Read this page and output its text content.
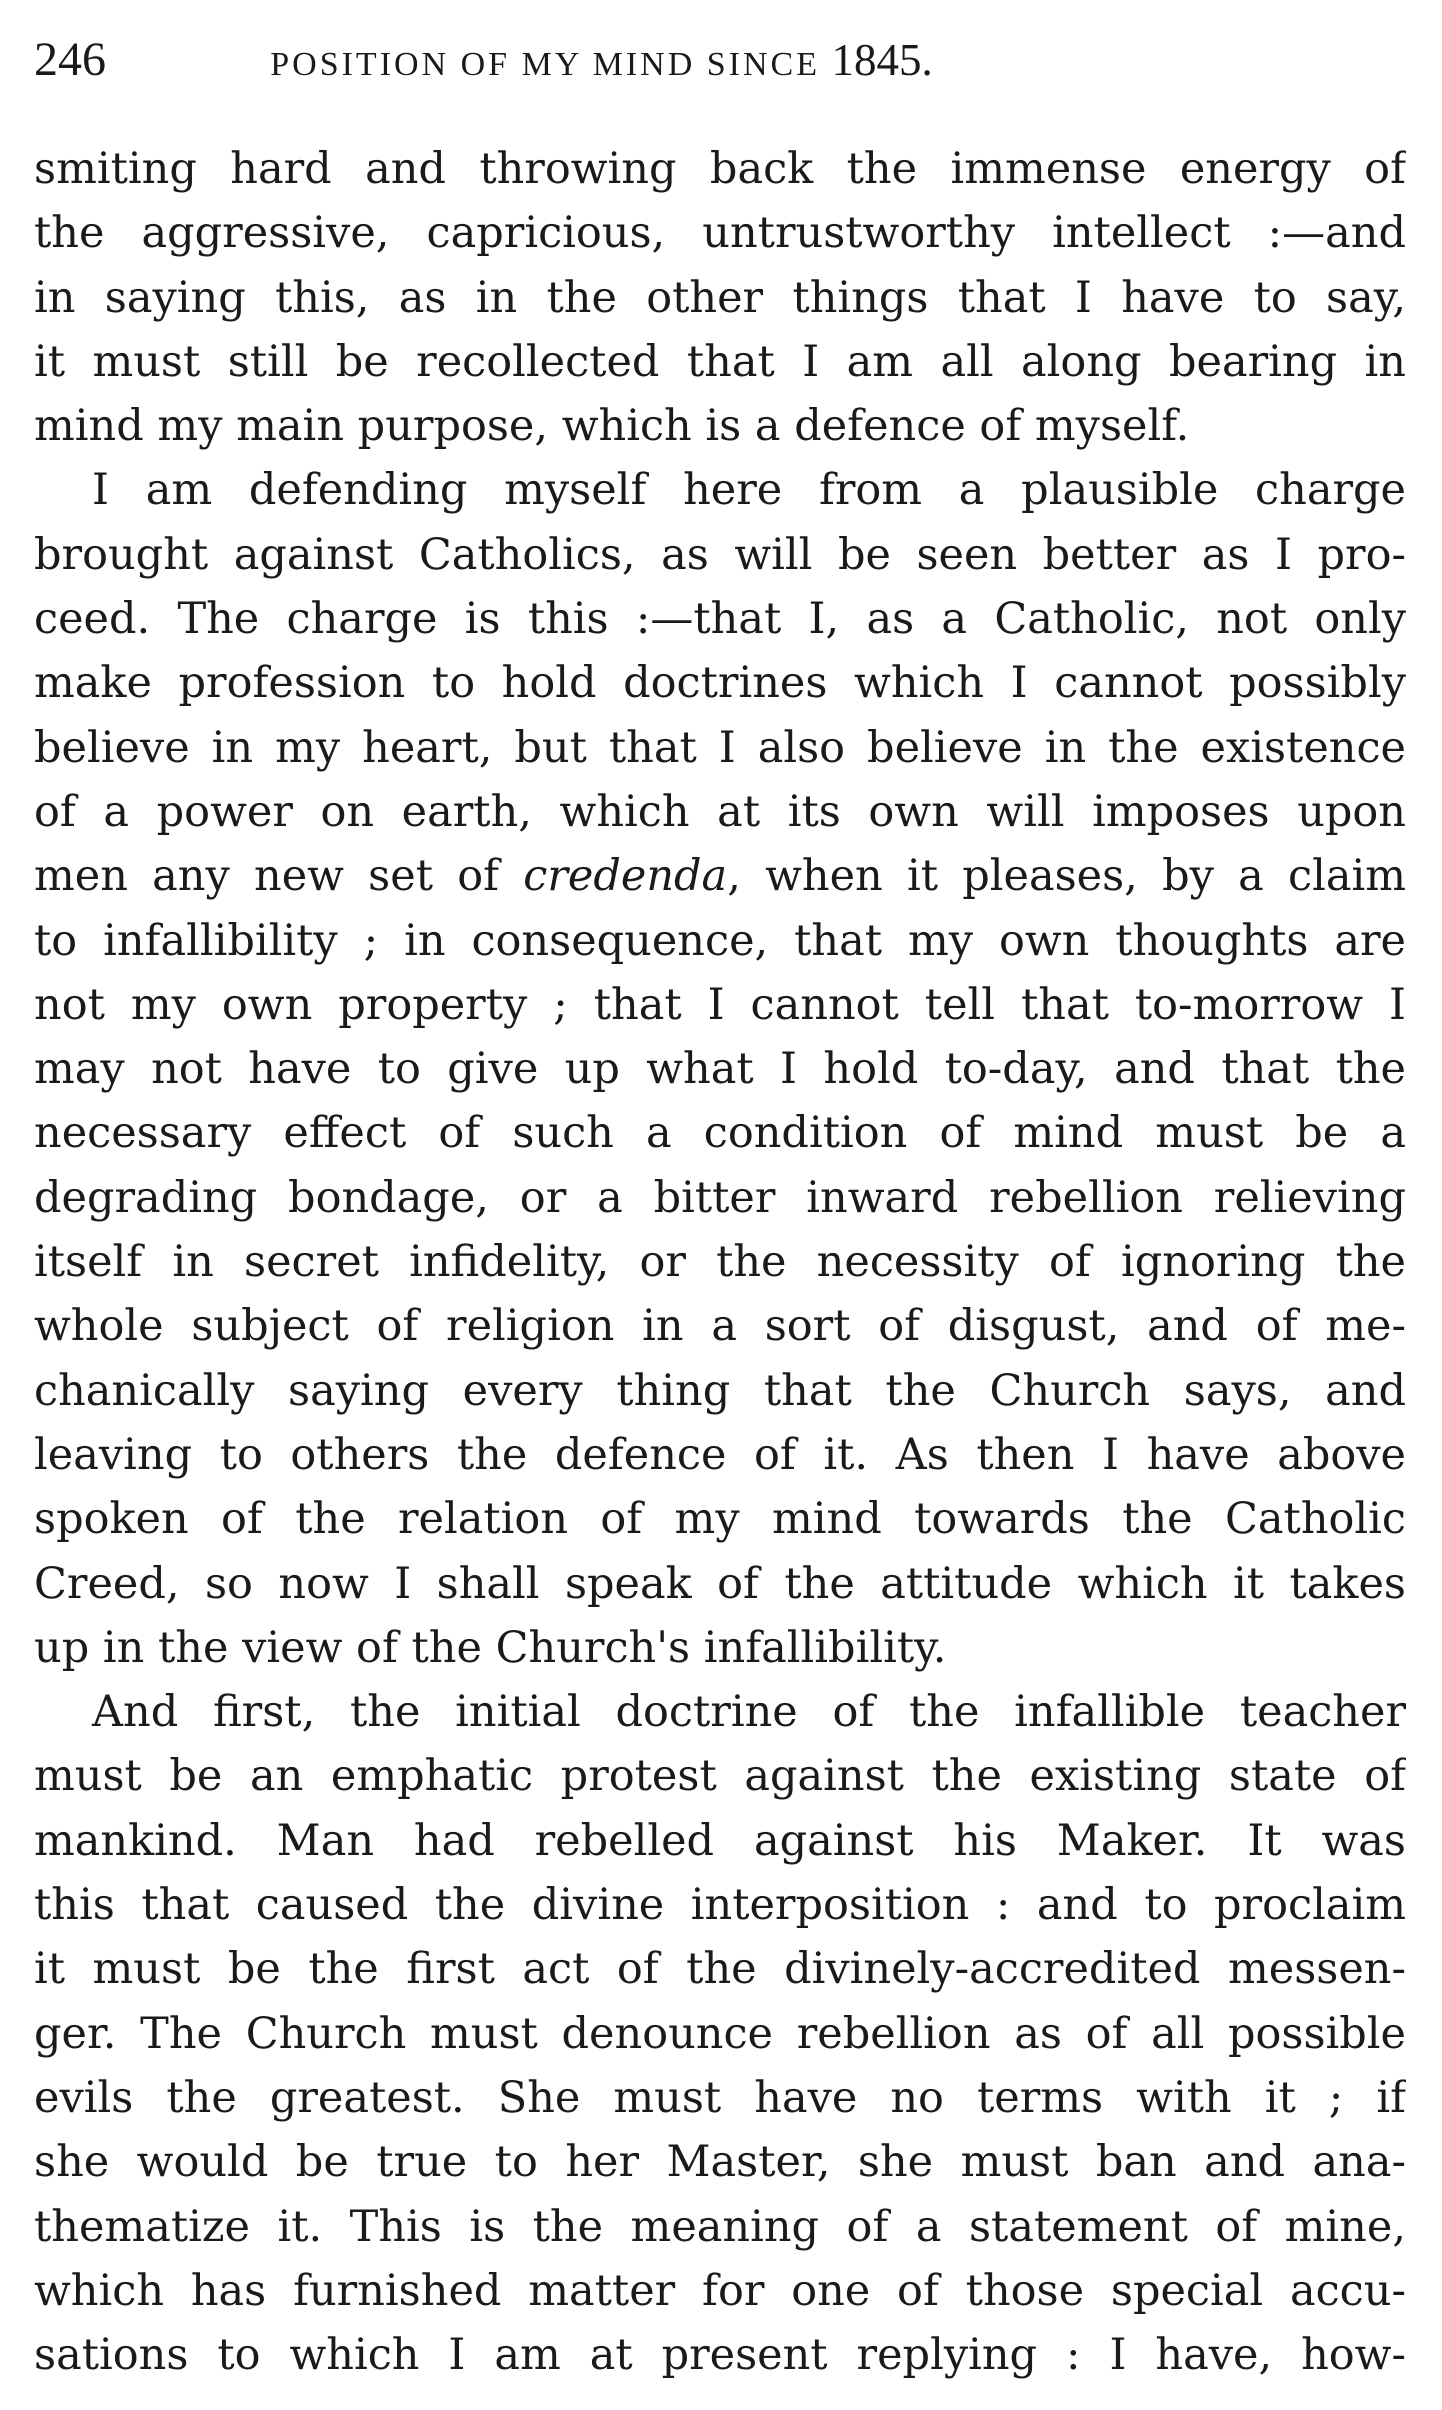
246	POSITION OF MY MIND SINCE 1845.
smiting hard and throwing back the immense energy of
the aggressive, capricious, untrustworthy intellect :—and
in saying this, as in the other things that I have to say,
it must still be recollected that I am all along bearing in
mind my main purpose, which is a defence of myself.
I am defending myself here from a plausible charge
brought against Catholics, as will be seen better as I pro-
ceed. The charge is this :—that I, as a Catholic, not only
make profession to hold doctrines which I cannot possibly
believe in my heart, but that I also believe in the existence
of a power on earth, which at its own will imposes upon
men any new set of credenda, when it pleases, by a claim
to infallibility ; in consequence, that my own thoughts are
not my own property ; that I cannot tell that to-morrow I
may not have to give up what I hold to-day, and that the
necessary effect of such a condition of mind must be a
degrading bondage, or a bitter inward rebellion relieving
itself in secret infidelity, or the necessity of ignoring the
whole subject of religion in a sort of disgust, and of me-
chanically saying every thing that the Church says, and
leaving to others the defence of it. As then I have above
spoken of the relation of my mind towards the Catholic
Creed, so now I shall speak of the attitude which it takes
up in the view of the Church's infallibility.
And first, the initial doctrine of the infallible teacher
must be an emphatic protest against the existing state of
mankind. Man had rebelled against his Maker. It was
this that caused the divine interposition : and to proclaim
it must be the first act of the divinely-accredited messen-
ger. The Church must denounce rebellion as of all possible
evils the greatest. She must have no terms with it ; if
she would be true to her Master, she must ban and ana-
thematize it. This is the meaning of a statement of mine,
which has furnished matter for one of those special accu-
sations to which I am at present replying : I have, how-
